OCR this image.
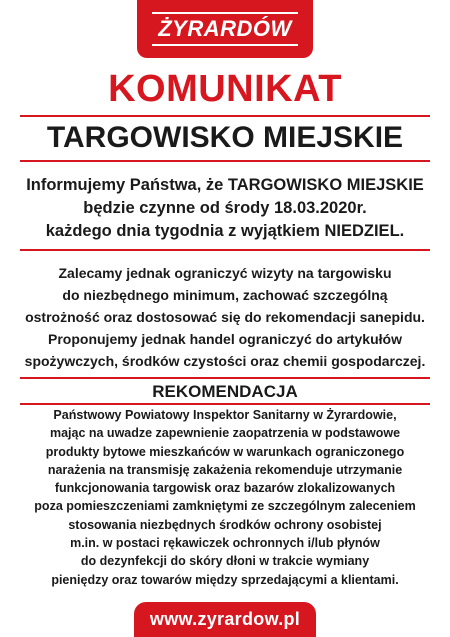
ŻYRARDÓW
KOMUNIKAT
TARGOWISKO MIEJSKIE
Informujemy Państwa, że TARGOWISKO MIEJSKIE
będzie czynne od środy 18.03.2020r.
każdego dnia tygodnia z wyjątkiem NIEDZIEL.
Zalecamy jednak ograniczyć wizyty na targowisku
do niezbędnego minimum, zachować szczególną
ostrożność oraz dostosować się do rekomendacji sanepidu.
Proponujemy jednak handel ograniczyć do artykułów
spożywczych, środków czystości oraz chemii gospodarczej.
REKOMENDACJA
Państwowy Powiatowy Inspektor Sanitarny w Żyrardowie,
mając na uwadze zapewnienie zaopatrzenia w podstawowe
produkty bytowe mieszkańców w warunkach ograniczonego
narażenia na transmisję zakażenia rekomenduje utrzymanie
funkcjonowania targowisk oraz bazarów zlokalizowanych
poza pomieszczeniami zamkniętymi ze szczególnym zaleceniem
stosowania niezbędnych środków ochrony osobistej
m.in. w postaci rękawiczek ochronnych i/lub płynów
do dezynfekcji do skóry dłoni w trakcie wymiany
pieniędzy oraz towarów między sprzedającymi a klientami.
www.zyrardow.pl
